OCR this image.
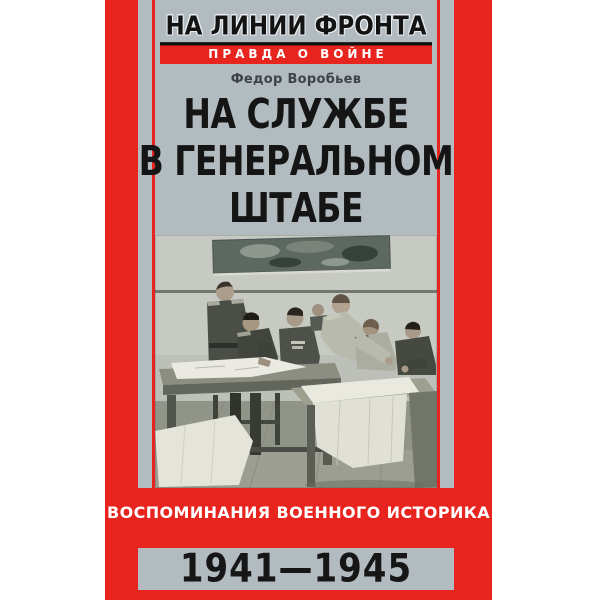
НА ЛИНИИ ФРОНТА
ПРАВДА О ВОЙНЕ
Федор Воробьев
НА СЛУЖБЕ
В ГЕНЕРАЛЬНОМ
ШТАБЕ
ВОСПОМИНАНИЯ ВОЕННОГО ИСТОРИКА
1941—1945
